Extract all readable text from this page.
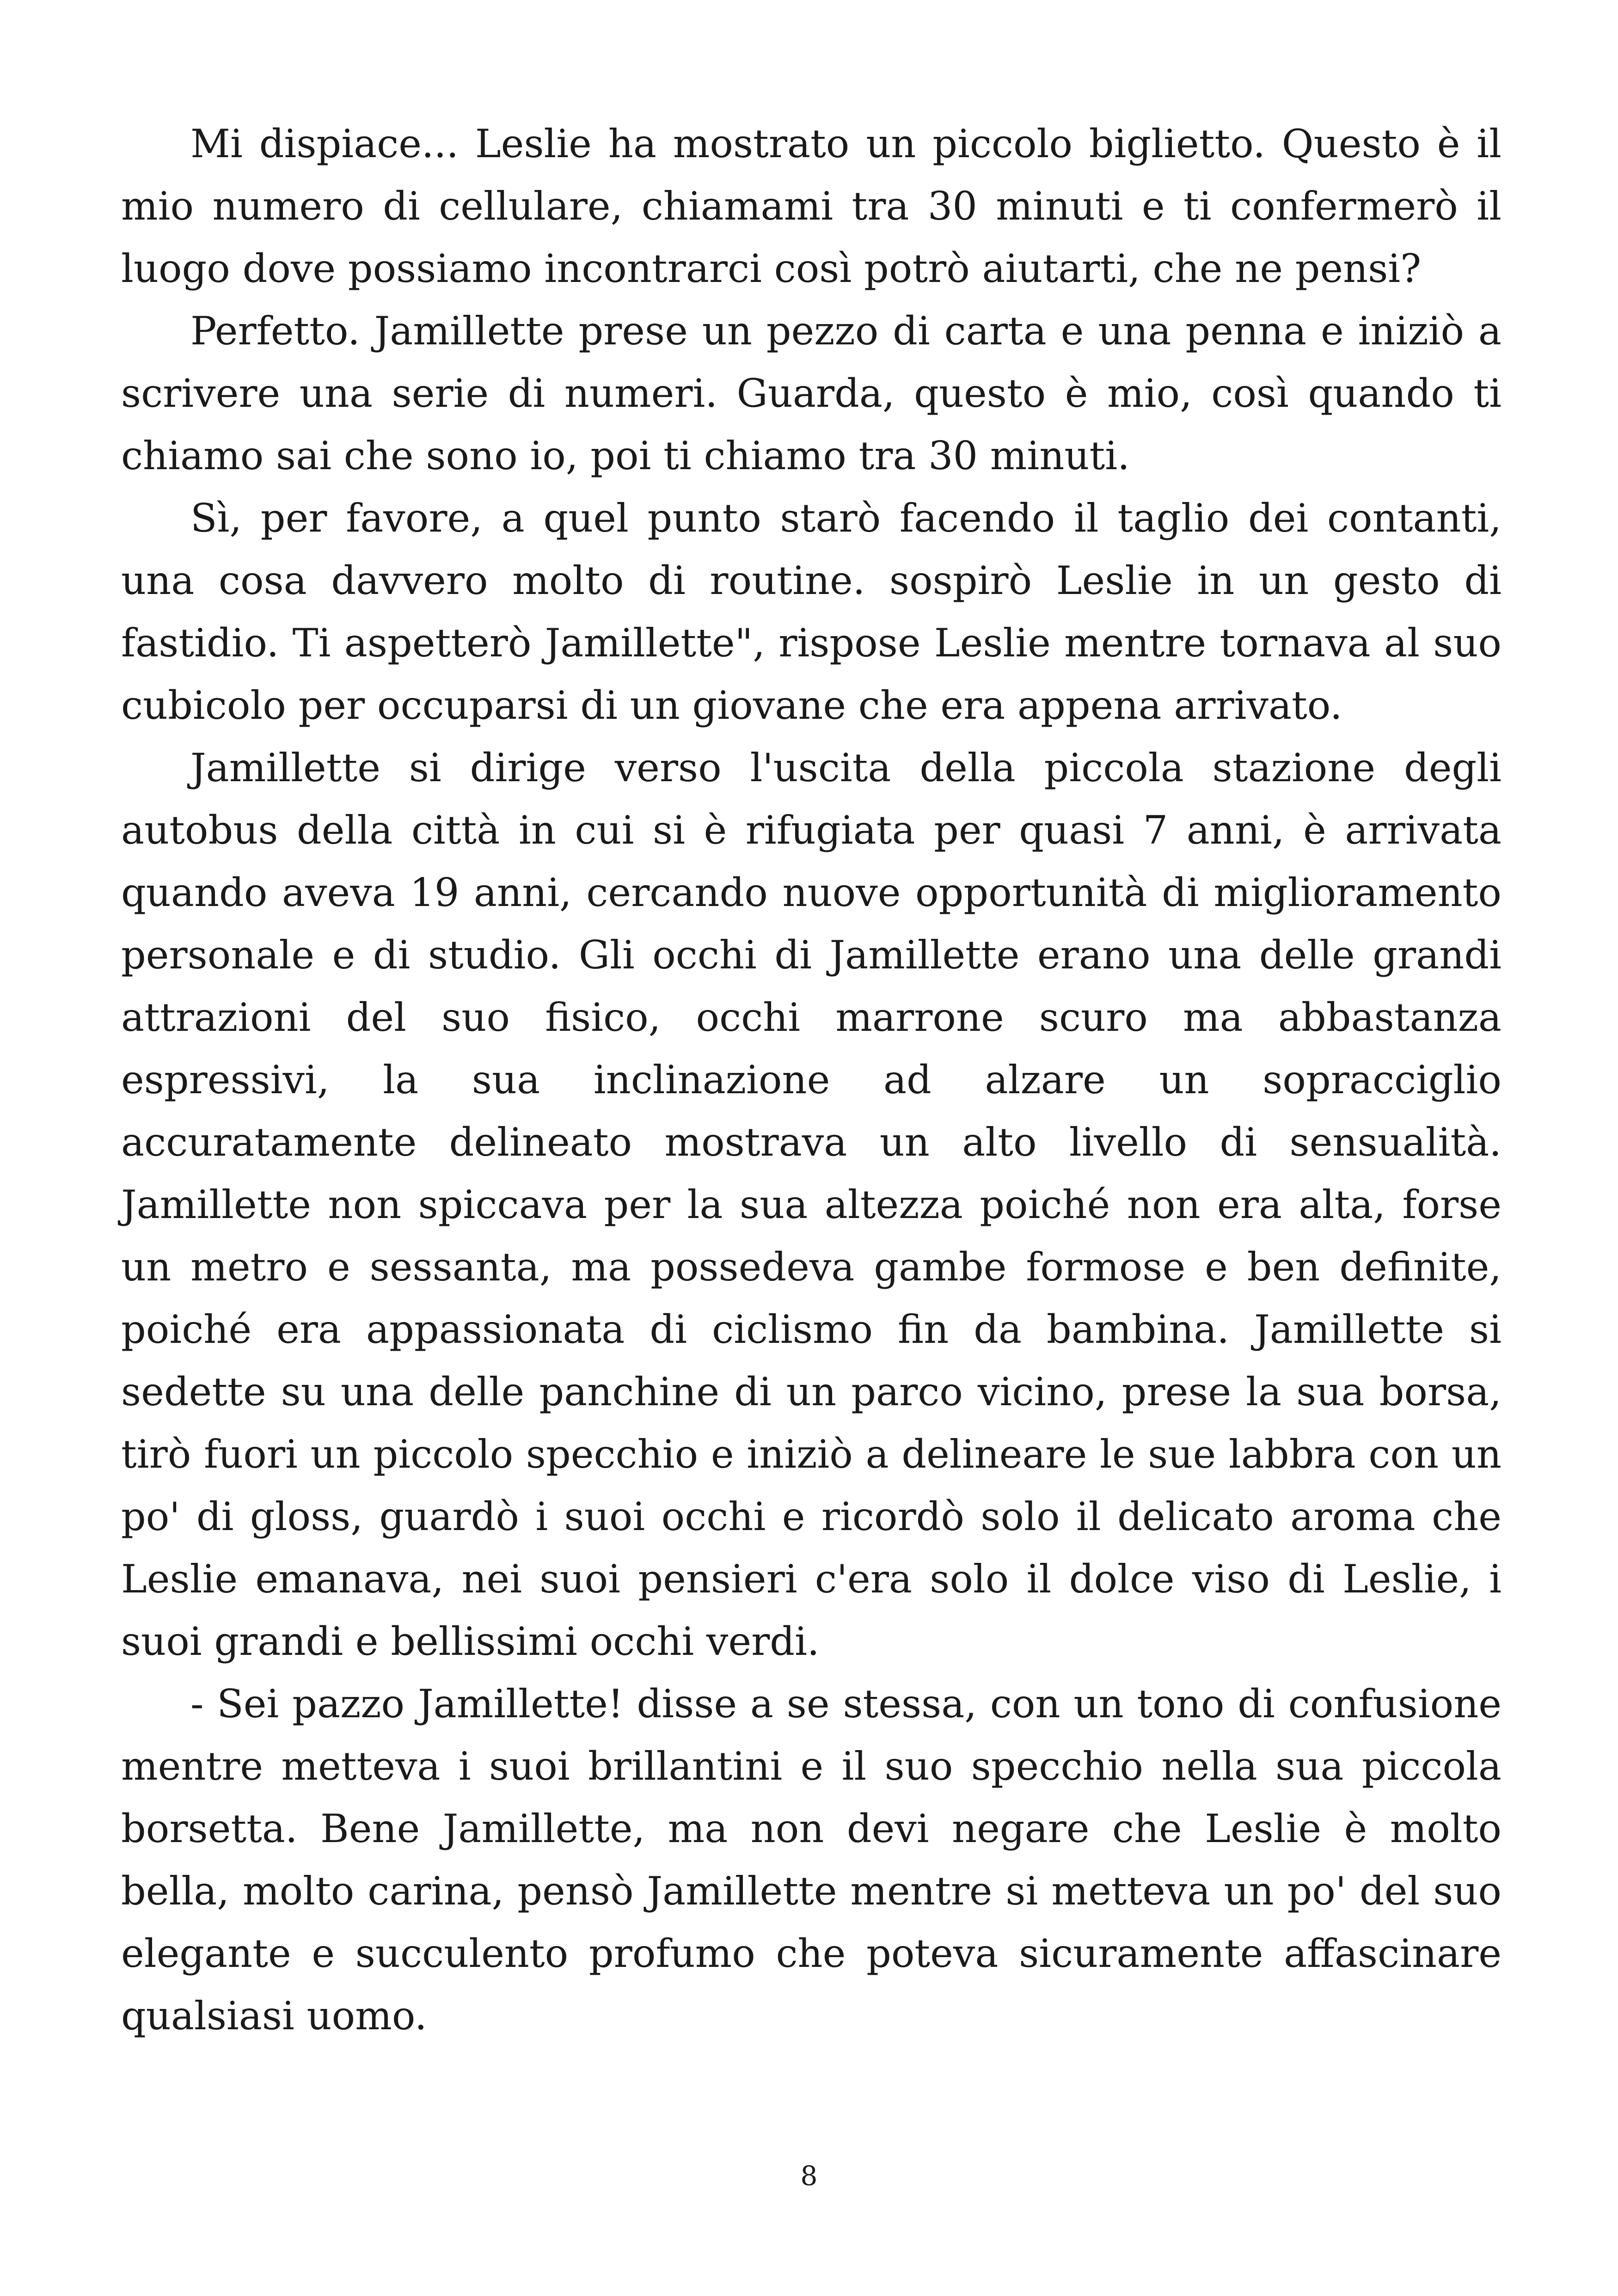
Mi dispiace... Leslie ha mostrato un piccolo biglietto. Questo è il mio numero di cellulare, chiamami tra 30 minuti e ti confermerò il luogo dove possiamo incontrarci così potrò aiutarti, che ne pensi?

Perfetto. Jamillette prese un pezzo di carta e una penna e iniziò a scrivere una serie di numeri. Guarda, questo è mio, così quando ti chiamo sai che sono io, poi ti chiamo tra 30 minuti.

Sì, per favore, a quel punto starò facendo il taglio dei contanti, una cosa davvero molto di routine. sospirò Leslie in un gesto di fastidio. Ti aspetterò Jamillette", rispose Leslie mentre tornava al suo cubicolo per occuparsi di un giovane che era appena arrivato.

Jamillette si dirige verso l'uscita della piccola stazione degli autobus della città in cui si è rifugiata per quasi 7 anni, è arrivata quando aveva 19 anni, cercando nuove opportunità di miglioramento personale e di studio. Gli occhi di Jamillette erano una delle grandi attrazioni del suo fisico, occhi marrone scuro ma abbastanza espressivi, la sua inclinazione ad alzare un sopracciglio accuratamente delineato mostrava un alto livello di sensualità. Jamillette non spiccava per la sua altezza poiché non era alta, forse un metro e sessanta, ma possedeva gambe formose e ben definite, poiché era appassionata di ciclismo fin da bambina. Jamillette si sedette su una delle panchine di un parco vicino, prese la sua borsa, tirò fuori un piccolo specchio e iniziò a delineare le sue labbra con un po' di gloss, guardò i suoi occhi e ricordò solo il delicato aroma che Leslie emanava, nei suoi pensieri c'era solo il dolce viso di Leslie, i suoi grandi e bellissimi occhi verdi.

- Sei pazzo Jamillette! disse a se stessa, con un tono di confusione mentre metteva i suoi brillantini e il suo specchio nella sua piccola borsetta. Bene Jamillette, ma non devi negare che Leslie è molto bella, molto carina, pensò Jamillette mentre si metteva un po' del suo elegante e succulento profumo che poteva sicuramente affascinare qualsiasi uomo.

8
